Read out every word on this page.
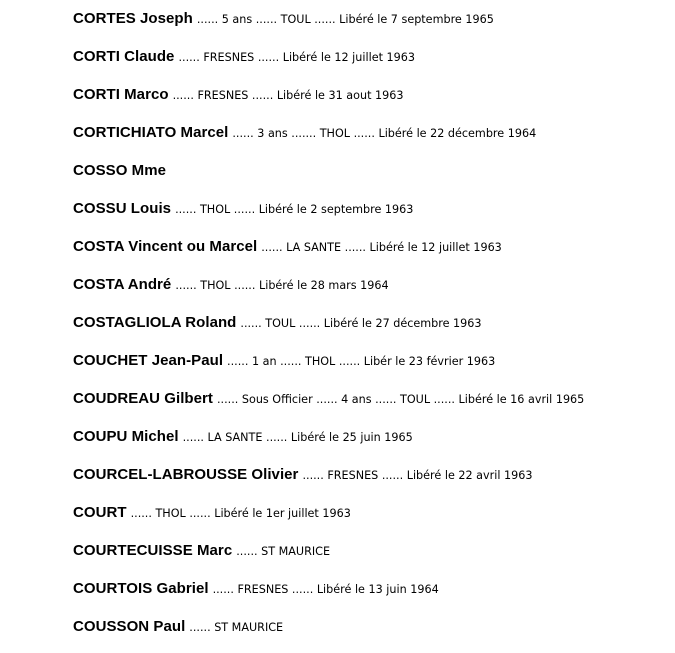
CORTES Joseph ...... 5 ans ...... TOUL ...... Libéré le 7 septembre 1965
CORTI Claude ...... FRESNES ...... Libéré le 12 juillet 1963
CORTI Marco ...... FRESNES ...... Libéré le 31 aout 1963
CORTICHIATO Marcel ...... 3 ans ....... THOL ...... Libéré le 22 décembre 1964
COSSO Mme
COSSU Louis ...... THOL ...... Libéré le 2 septembre 1963
COSTA Vincent ou Marcel ...... LA SANTE ...... Libéré le 12 juillet 1963
COSTA André ...... THOL ...... Libéré le 28 mars 1964
COSTAGLIOLA Roland ...... TOUL ...... Libéré le 27 décembre 1963
COUCHET Jean-Paul ...... 1 an ...... THOL ...... Libér le 23 février 1963
COUDREAU Gilbert ...... Sous Officier ...... 4 ans ...... TOUL ...... Libéré le 16 avril 1965
COUPU Michel ...... LA SANTE ...... Libéré le 25 juin 1965
COURCEL-LABROUSSE Olivier ...... FRESNES ...... Libéré le 22 avril 1963
COURT ...... THOL ...... Libéré le 1er juillet 1963
COURTECUISSE Marc ...... ST MAURICE
COURTOIS Gabriel ...... FRESNES ...... Libéré le 13 juin 1964
COUSSON Paul ...... ST MAURICE
